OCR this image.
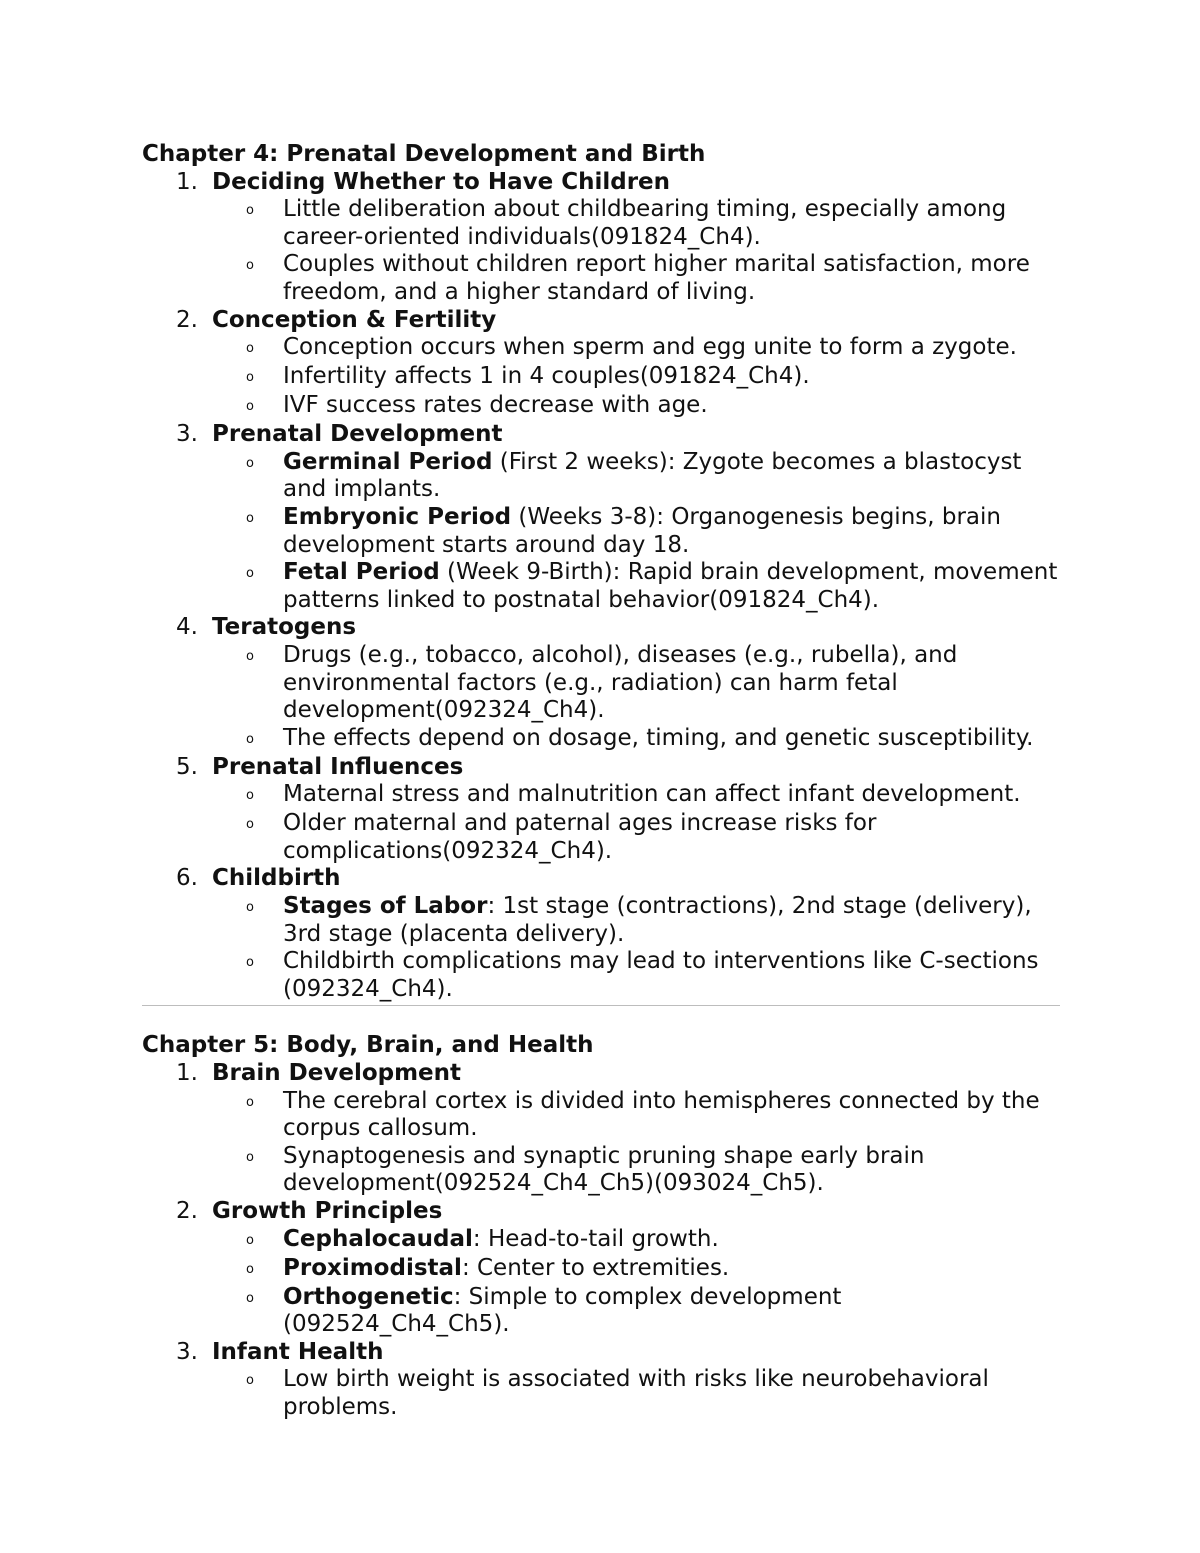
Chapter 4: Prenatal Development and Birth
1. Deciding Whether to Have Children
o	Little deliberation about childbearing timing, especially among career-oriented individuals(091824_Ch4).
o	Couples without children report higher marital satisfaction, more freedom, and a higher standard of living.
2. Conception & Fertility
o	Conception occurs when sperm and egg unite to form a zygote.
o	Infertility affects 1 in 4 couples(091824_Ch4).
o	IVF success rates decrease with age.
3. Prenatal Development
o	Germinal Period (First 2 weeks): Zygote becomes a blastocyst and implants.
o	Embryonic Period (Weeks 3-8): Organogenesis begins, brain development starts around day 18.
o	Fetal Period (Week 9-Birth): Rapid brain development, movement patterns linked to postnatal behavior(091824_Ch4).
4. Teratogens
o	Drugs (e.g., tobacco, alcohol), diseases (e.g., rubella), and environmental factors (e.g., radiation) can harm fetal development(092324_Ch4).
o	The effects depend on dosage, timing, and genetic susceptibility.
5. Prenatal Influences
o	Maternal stress and malnutrition can affect infant development.
o	Older maternal and paternal ages increase risks for complications(092324_Ch4).
6. Childbirth
o	Stages of Labor: 1st stage (contractions), 2nd stage (delivery), 3rd stage (placenta delivery).
o	Childbirth complications may lead to interventions like C-sections (092324_Ch4).
Chapter 5: Body, Brain, and Health
1. Brain Development
o	The cerebral cortex is divided into hemispheres connected by the corpus callosum.
o	Synaptogenesis and synaptic pruning shape early brain development(092524_Ch4_Ch5)(093024_Ch5).
2. Growth Principles
o	Cephalocaudal: Head-to-tail growth.
o	Proximodistal: Center to extremities.
o	Orthogenetic: Simple to complex development (092524_Ch4_Ch5).
3. Infant Health
o	Low birth weight is associated with risks like neurobehavioral problems.
